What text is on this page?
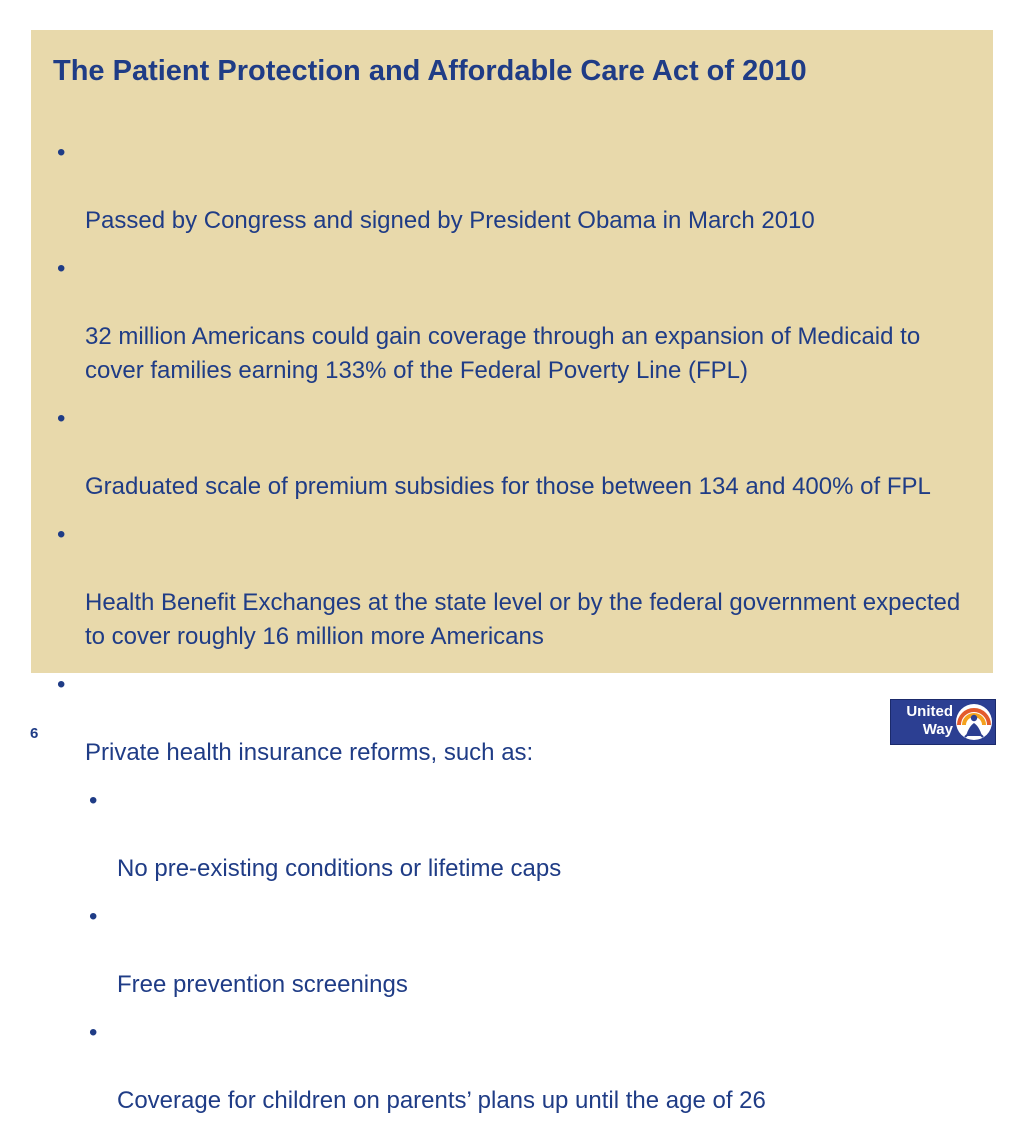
The Patient Protection and Affordable Care Act of 2010

•

Passed by Congress and signed by President Obama in March 2010

•

32 million Americans could gain coverage through an expansion of Medicaid to cover families earning 133% of the Federal Poverty Line (FPL)

•

Graduated scale of premium subsidies for those between 134 and 400% of FPL

•

Health Benefit Exchanges at the state level or by the federal government expected to cover roughly 16 million more Americans

•

Private health insurance reforms, such as:

•

No pre-existing conditions or lifetime caps

•

Free prevention screenings

•

Coverage for children on parents’ plans up until the age of 26

6
United
Way
